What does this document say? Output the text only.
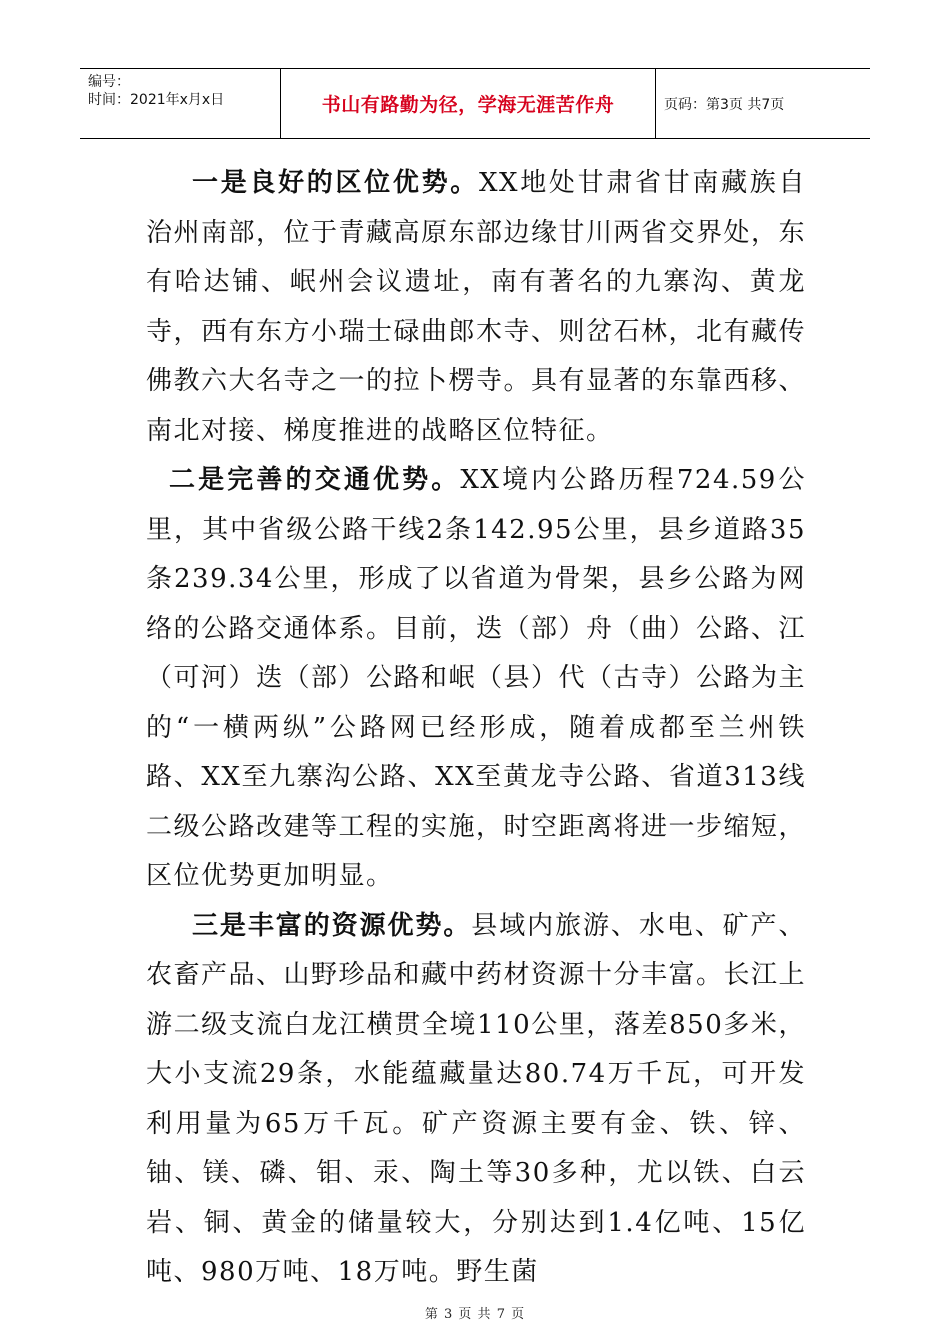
编号：
时间：2021年x月x日	书山有路勤为径，学海无涯苦作舟	页码：第3页 共7页

一是良好的区位优势。XX地处甘肃省甘南藏族自治州南部，位于青藏高原东部边缘甘川两省交界处，东有哈达铺、岷州会议遗址，南有著名的九寨沟、黄龙寺，西有东方小瑞士碌曲郎木寺、则岔石林，北有藏传佛教六大名寺之一的拉卜楞寺。具有显著的东靠西移、南北对接、梯度推进的战略区位特征。

二是完善的交通优势。XX境内公路历程724.59公里，其中省级公路干线2条142.95公里，县乡道路35条239.34公里，形成了以省道为骨架，县乡公路为网络的公路交通体系。目前，迭（部）舟（曲）公路、江（可河）迭（部）公路和岷（县）代（古寺）公路为主的“一横两纵”公路网已经形成，随着成都至兰州铁路、XX至九寨沟公路、XX至黄龙寺公路、省道313线二级公路改建等工程的实施，时空距离将进一步缩短，区位优势更加明显。

三是丰富的资源优势。县域内旅游、水电、矿产、农畜产品、山野珍品和藏中药材资源十分丰富。长江上游二级支流白龙江横贯全境110公里，落差850多米，大小支流29条，水能蕴藏量达80.74万千瓦，可开发利用量为65万千瓦。矿产资源主要有金、铁、锌、铀、镁、磷、钼、汞、陶土等30多种，尤以铁、白云岩、铜、黄金的储量较大，分别达到1.4亿吨、15亿吨、980万吨、18万吨。野生菌

第 3 页 共 7 页
